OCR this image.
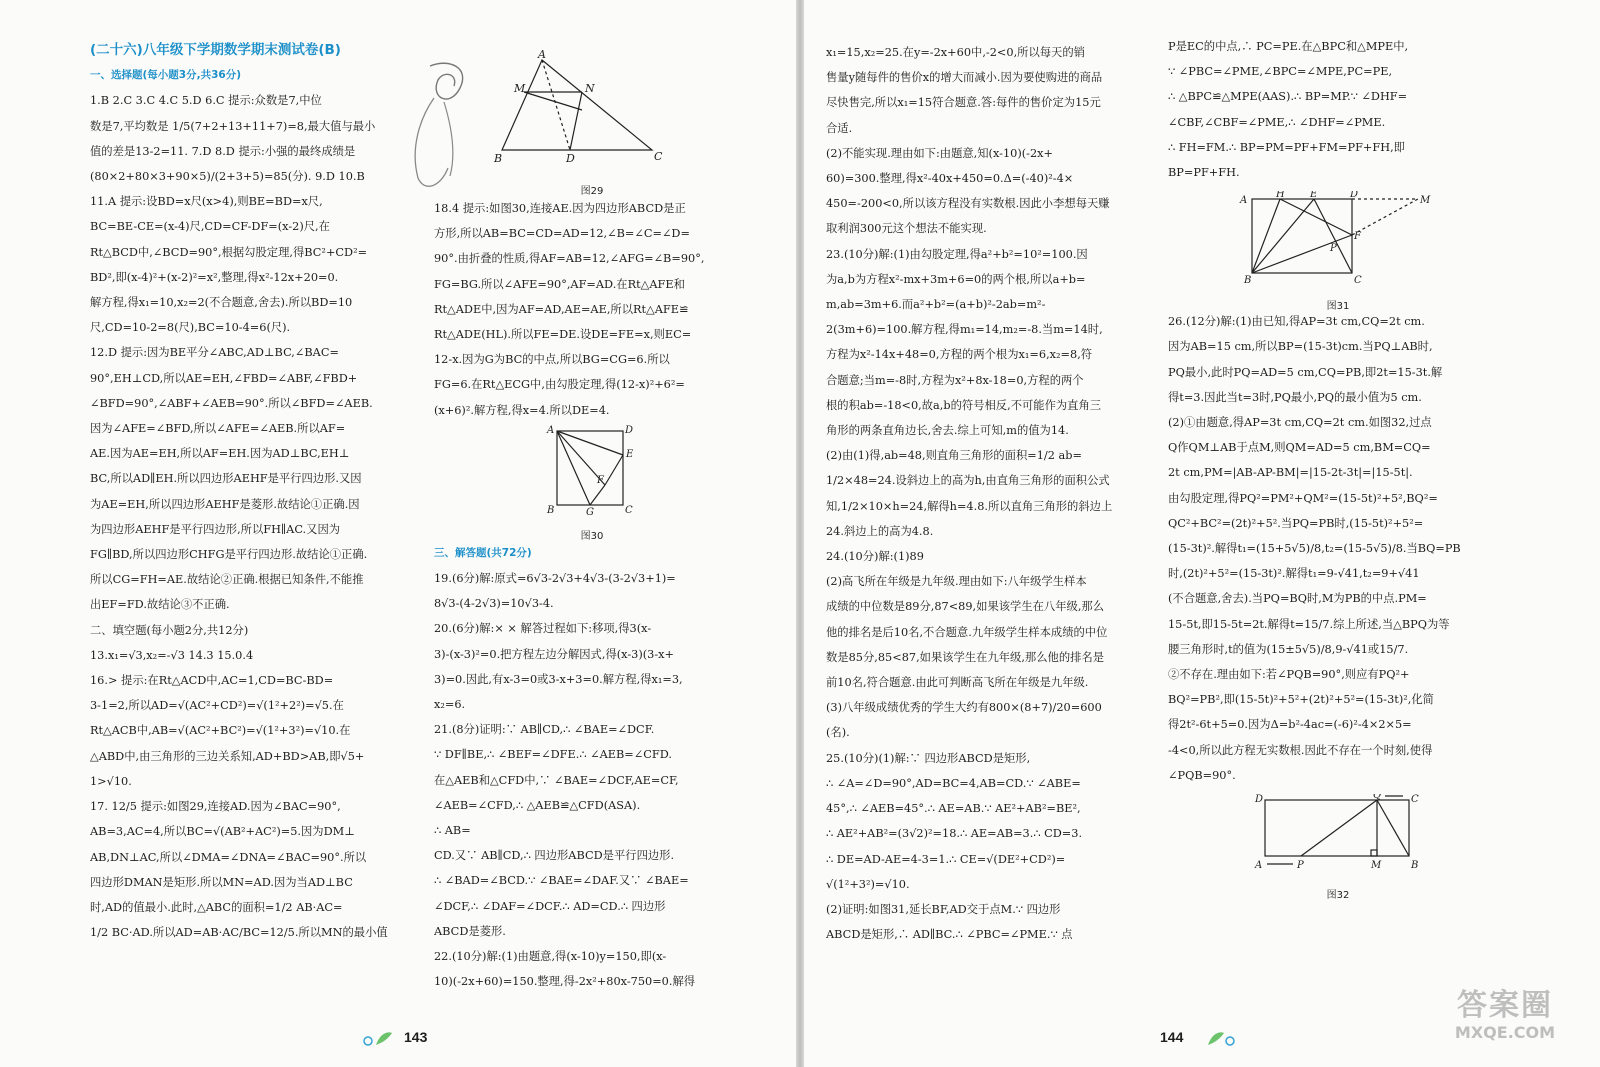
(二十六)八年级下学期数学期末测试卷(B)

一、选择题(每小题3分,共36分)

1.B 2.C 3.C 4.C 5.D 6.C 提示:众数是7,中位

数是7,平均数是 1/5(7+2+13+11+7)=8,最大值与最小

值的差是13-2=11. 7.D 8.D 提示:小强的最终成绩是

(80×2+80×3+90×5)/(2+3+5)=85(分). 9.D 10.B

11.A 提示:设BD=x尺(x>4),则BE=BD=x尺,

BC=BE-CE=(x-4)尺,CD=CF-DF=(x-2)尺,在

Rt△BCD中,∠BCD=90°,根据勾股定理,得BC²+CD²=

BD²,即(x-4)²+(x-2)²=x²,整理,得x²-12x+20=0.

解方程,得x₁=10,x₂=2(不合题意,舍去).所以BD=10

尺,CD=10-2=8(尺),BC=10-4=6(尺).

12.D 提示:因为BE平分∠ABC,AD⊥BC,∠BAC=

90°,EH⊥CD,所以AE=EH,∠FBD=∠ABF,∠FBD+

∠BFD=90°,∠ABF+∠AEB=90°.所以∠BFD=∠AEB.

因为∠AFE=∠BFD,所以∠AFE=∠AEB.所以AF=

AE.因为AE=EH,所以AF=EH.因为AD⊥BC,EH⊥

BC,所以AD∥EH.所以四边形AEHF是平行四边形.又因

为AE=EH,所以四边形AEHF是菱形.故结论①正确.因

为四边形AEHF是平行四边形,所以FH∥AC.又因为

FG∥BD,所以四边形CHFG是平行四边形.故结论①正确.

所以CG=FH=AE.故结论②正确.根据已知条件,不能推

出EF=FD.故结论③不正确.

二、填空题(每小题2分,共12分)

13.x₁=√3,x₂=-√3 14.3 15.0.4

16.> 提示:在Rt△ACD中,AC=1,CD=BC-BD=

3-1=2,所以AD=√(AC²+CD²)=√(1²+2²)=√5.在

Rt△ACB中,AB=√(AC²+BC²)=√(1²+3²)=√10.在

△ABD中,由三角形的三边关系知,AD+BD>AB,即√5+

1>√10.

17. 12/5 提示:如图29,连接AD.因为∠BAC=90°,

AB=3,AC=4,所以BC=√(AB²+AC²)=5.因为DM⊥

AB,DN⊥AC,所以∠DMA=∠DNA=∠BAC=90°.所以

四边形DMAN是矩形.所以MN=AD.因为当AD⊥BC

时,AD的值最小.此时,△ABC的面积=1/2 AB·AC=

1/2 BC·AD.所以AD=AB·AC/BC=12/5.所以MN的最小值

A
M	N
B	D	C
图29

18.4 提示:如图30,连接AE.因为四边形ABCD是正

方形,所以AB=BC=CD=AD=12,∠B=∠C=∠D=

90°.由折叠的性质,得AF=AB=12,∠AFG=∠B=90°,

FG=BG.所以∠AFE=90°,AF=AD.在Rt△AFE和

Rt△ADE中,因为AF=AD,AE=AE,所以Rt△AFE≌

Rt△ADE(HL).所以FE=DE.设DE=FE=x,则EC=

12-x.因为G为BC的中点,所以BG=CG=6.所以

FG=6.在Rt△ECG中,由勾股定理,得(12-x)²+6²=

(x+6)².解方程,得x=4.所以DE=4.

A	D
E
F
B	G	C
图30

三、解答题(共72分)

19.(6分)解:原式=6√3-2√3+4√3-(3-2√3+1)=

8√3-(4-2√3)=10√3-4.

20.(6分)解:× × 解答过程如下:移项,得3(x-

3)-(x-3)²=0.把方程左边分解因式,得(x-3)(3-x+

3)=0.因此,有x-3=0或3-x+3=0.解方程,得x₁=3,

x₂=6.

21.(8分)证明:∵ AB∥CD,∴ ∠BAE=∠DCF.

∵ DF∥BE,∴ ∠BEF=∠DFE.∴ ∠AEB=∠CFD.

在△AEB和△CFD中,∵ ∠BAE=∠DCF,AE=CF,

∠AEB=∠CFD,∴ △AEB≌△CFD(ASA).

∴ AB=

CD.又∵ AB∥CD,∴ 四边形ABCD是平行四边形.

∴ ∠BAD=∠BCD.∵ ∠BAE=∠DAF.又∵ ∠BAE=

∠DCF,∴ ∠DAF=∠DCF.∴ AD=CD.∴ 四边形

ABCD是菱形.

22.(10分)解:(1)由题意,得(x-10)y=150,即(x-

10)(-2x+60)=150.整理,得-2x²+80x-750=0.解得

143

x₁=15,x₂=25.在y=-2x+60中,-2<0,所以每天的销

售量y随每件的售价x的增大而减小.因为要使购进的商品

尽快售完,所以x₁=15符合题意.答:每件的售价定为15元

合适.

(2)不能实现.理由如下:由题意,知(x-10)(-2x+

60)=300.整理,得x²-40x+450=0.Δ=(-40)²-4×

450=-200<0,所以该方程没有实数根.因此小李想每天赚

取利润300元这个想法不能实现.

23.(10分)解:(1)由勾股定理,得a²+b²=10²=100.因

为a,b为方程x²-mx+3m+6=0的两个根,所以a+b=

m,ab=3m+6.而a²+b²=(a+b)²-2ab=m²-

2(3m+6)=100.解方程,得m₁=14,m₂=-8.当m=14时,

方程为x²-14x+48=0,方程的两个根为x₁=6,x₂=8,符

合题意;当m=-8时,方程为x²+8x-18=0,方程的两个

根的积ab=-18<0,故a,b的符号相反,不可能作为直角三

角形的两条直角边长,舍去.综上可知,m的值为14.

(2)由(1)得,ab=48,则直角三角形的面积=1/2 ab=

1/2×48=24.设斜边上的高为h,由直角三角形的面积公式

知,1/2×10×h=24,解得h=4.8.所以直角三角形的斜边上

24.斜边上的高为4.8.

24.(10分)解:(1)89

(2)高飞所在年级是九年级.理由如下:八年级学生样本

成绩的中位数是89分,87<89,如果该学生在八年级,那么

他的排名是后10名,不合题意.九年级学生样本成绩的中位

数是85分,85<87,如果该学生在九年级,那么他的排名是

前10名,符合题意.由此可判断高飞所在年级是九年级.

(3)八年级成绩优秀的学生大约有800×(8+7)/20=600

(名).

25.(10分)(1)解:∵ 四边形ABCD是矩形,

∴ ∠A=∠D=90°,AD=BC=4,AB=CD.∵ ∠ABE=

45°,∴ ∠AEB=45°.∴ AE=AB.∵ AE²+AB²=BE²,

∴ AE²+AB²=(3√2)²=18.∴ AE=AB=3.∴ CD=3.

∴ DE=AD-AE=4-3=1.∴ CE=√(DE²+CD²)=

√(1²+3²)=√10.

(2)证明:如图31,延长BF,AD交于点M.∵ 四边形

ABCD是矩形,∴ AD∥BC.∴ ∠PBC=∠PME.∵ 点

P是EC的中点,∴ PC=PE.在△BPC和△MPE中,

∵ ∠PBC=∠PME,∠BPC=∠MPE,PC=PE,

∴ △BPC≌△MPE(AAS).∴ BP=MP.∵ ∠DHF=

∠CBF,∠CBF=∠PME,∴ ∠DHF=∠PME.

∴ FH=FM.∴ BP=PM=PF+FM=PF+FH,即

BP=PF+FH.

A
H	E	D
M
F
P
B	C
图31

26.(12分)解:(1)由已知,得AP=3t cm,CQ=2t cm.

因为AB=15 cm,所以BP=(15-3t)cm.当PQ⊥AB时,

PQ最小,此时PQ=AD=5 cm,CQ=PB,即2t=15-3t.解

得t=3.因此当t=3时,PQ最小,PQ的最小值为5 cm.

(2)①由题意,得AP=3t cm,CQ=2t cm.如图32,过点

Q作QM⊥AB于点M,则QM=AD=5 cm,BM=CQ=

2t cm,PM=|AB-AP-BM|=|15-2t-3t|=|15-5t|.

由勾股定理,得PQ²=PM²+QM²=(15-5t)²+5²,BQ²=

QC²+BC²=(2t)²+5².当PQ=PB时,(15-5t)²+5²=

(15-3t)².解得t₁=(15+5√5)/8,t₂=(15-5√5)/8.当BQ=PB

时,(2t)²+5²=(15-3t)².解得t₁=9-√41,t₂=9+√41

(不合题意,舍去).当PQ=BQ时,M为PB的中点.PM=

15-5t,即15-5t=2t.解得t=15/7.综上所述,当△BPQ为等

腰三角形时,t的值为(15±5√5)/8,9-√41或15/7.

②不存在.理由如下:若∠PQB=90°,则应有PQ²+

BQ²=PB²,即(15-5t)²+5²+(2t)²+5²=(15-3t)²,化简

得2t²-6t+5=0.因为Δ=b²-4ac=(-6)²-4×2×5=

-4<0,所以此方程无实数根.因此不存在一个时刻,使得

∠PQB=90°.

D	Q	C
A	P	M	B
图32
144
答案圈
MXQE.COM
